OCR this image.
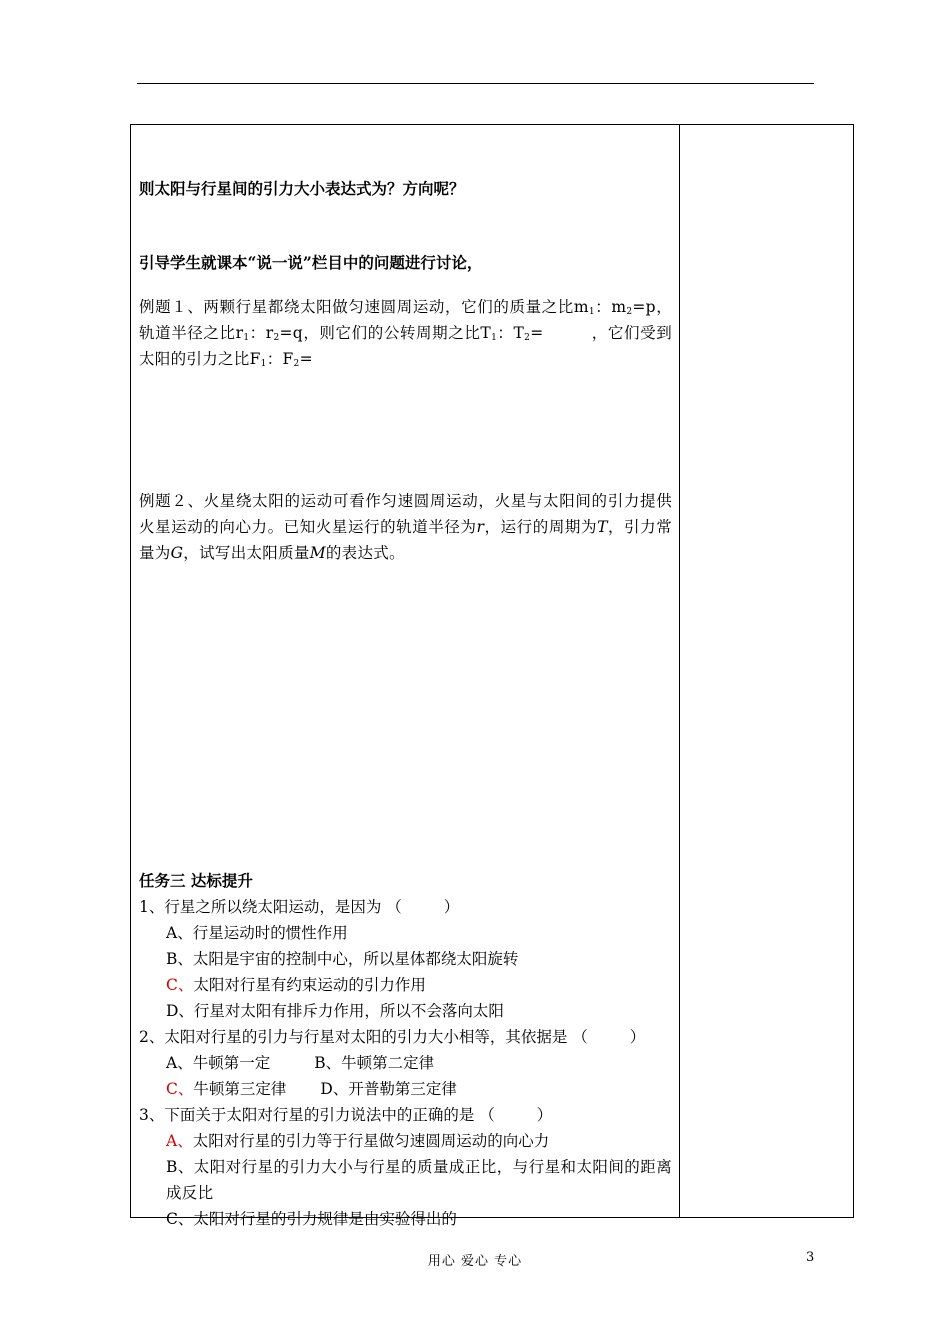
则太阳与行星间的引力大小表达式为？方向呢？
引导学生就课本“说一说”栏目中的问题进行讨论，
例题１、两颗行星都绕太阳做匀速圆周运动，它们的质量之比$m_1$：$m_2=p$，轨道半径之比$r_1$：$r_2=q$，则它们的公转周期之比$T_1$：$T_2=$	，它们受到太阳的引力之比$F_1$：$F_2=$
例题２、火星绕太阳的运动可看作匀速圆周运动，火星与太阳间的引力提供火星运动的向心力。已知火星运行的轨道半径为r，运行的周期为T，引力常量为G，试写出太阳质量M的表达式。
任务三 达标提升
1、行星之所以绕太阳运动，是因为 （	）
A、行星运动时的惯性作用
B、太阳是宇宙的控制中心，所以星体都绕太阳旋转
C、太阳对行星有约束运动的引力作用
D、行星对太阳有排斥力作用，所以不会落向太阳
2、太阳对行星的引力与行星对太阳的引力大小相等，其依据是 （	）
A、牛顿第一定	B、牛顿第二定律
C、牛顿第三定律 D、开普勒第三定律
3、下面关于太阳对行星的引力说法中的正确的是 （	）
A、太阳对行星的引力等于行星做匀速圆周运动的向心力
B、太阳对行星的引力大小与行星的质量成正比，与行星和太阳间的距离成反比
C、太阳对行星的引力规律是由实验得出的
用心 爱心 专心	3
